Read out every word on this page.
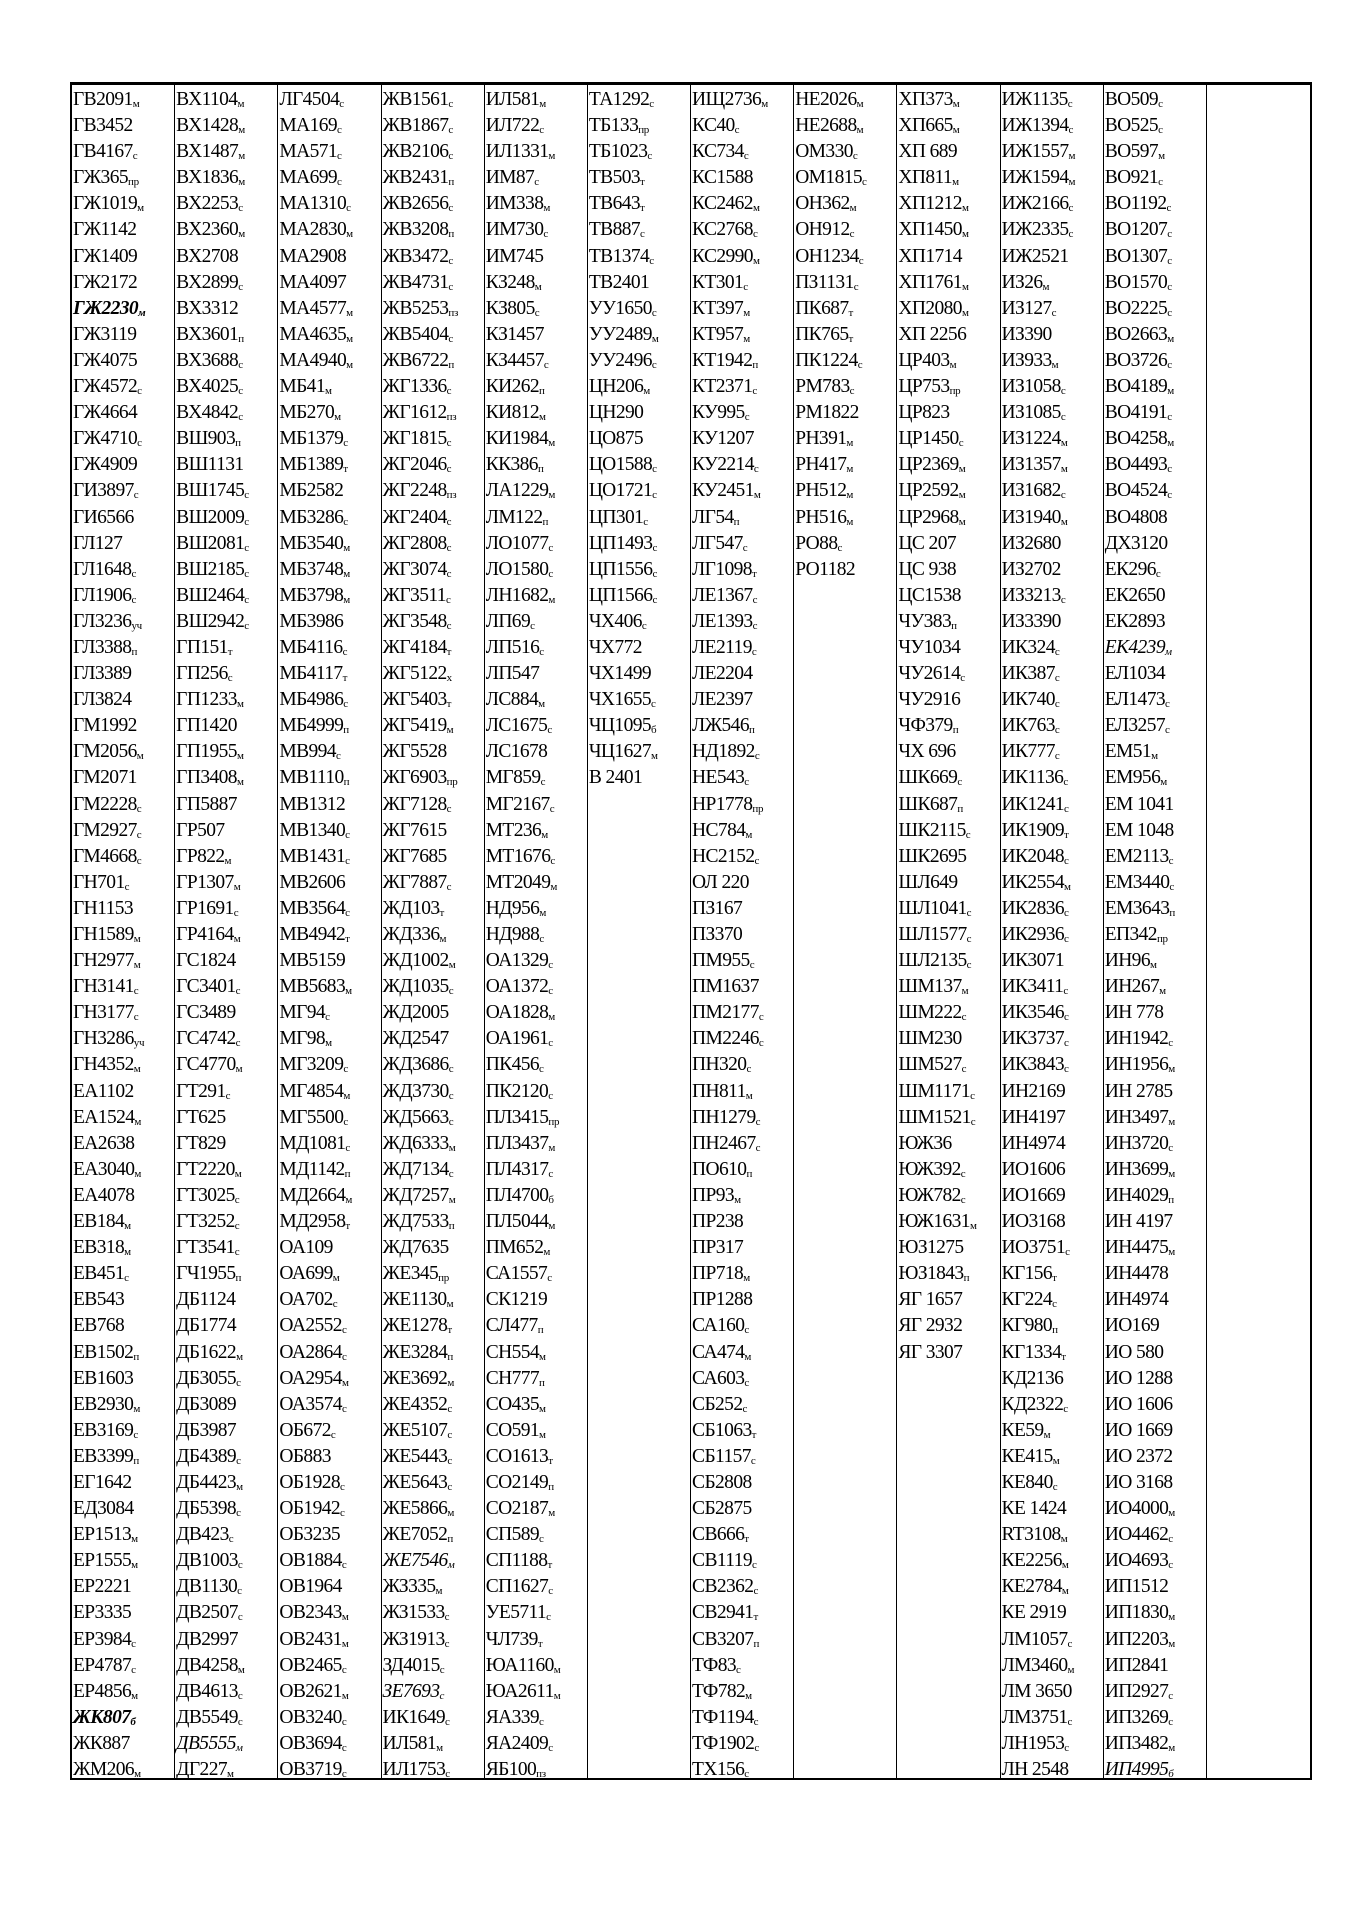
$ГВ2091_м$
ГВ3452
$ГВ4167_с$
$ГЖ365_{пр}$
$ГЖ1019_м$
ГЖ1142
ГЖ1409
ГЖ2172
$ГЖ2230_м$
ГЖ3119
ГЖ4075
$ГЖ4572_с$
ГЖ4664
$ГЖ4710_с$
ГЖ4909
$ГИ3897_с$
ГИ6566
ГЛ127
$ГЛ1648_с$
$ГЛ1906_с$
$ГЛ3236_{уч}$
$ГЛ3388_п$
ГЛ3389
ГЛ3824
ГМ1992
$ГМ2056_м$
ГМ2071
$ГМ2228_с$
$ГМ2927_с$
$ГМ4668_с$
$ГН701_с$
ГН1153
$ГН1589_м$
$ГН2977_м$
$ГН3141_с$
$ГН3177_с$
$ГН3286_{уч}$
$ГН4352_м$
ЕА1102
$ЕА1524_м$
ЕА2638
$ЕА3040_м$
ЕА4078
$ЕВ184_м$
$ЕВ318_м$
$ЕВ451_с$
ЕВ543
ЕВ768
$ЕВ1502_п$
ЕВ1603
$ЕВ2930_м$
$ЕВ3169_с$
$ЕВ3399_п$
ЕГ1642
ЕД3084
$ЕР1513_м$
$ЕР1555_м$
ЕР2221
ЕР3335
$ЕР3984_с$
$ЕР4787_с$
$ЕР4856_м$
$ЖК807_б$
ЖК887
$ЖМ206_м$
$ВХ1104_м$
$ВХ1428_м$
$ВХ1487_м$
$ВХ1836_м$
$ВХ2253_с$
$ВХ2360_м$
ВХ2708
$ВХ2899_с$
ВХ3312
$ВХ3601_п$
$ВХ3688_с$
$ВХ4025_с$
$ВХ4842_с$
$ВШ903_п$
ВШ1131
$ВШ1745_с$
$ВШ2009_с$
$ВШ2081_с$
$ВШ2185_с$
$ВШ2464_с$
$ВШ2942_с$
$ГП151_т$
$ГП256_с$
$ГП1233_м$
ГП1420
$ГП1955_м$
$ГП3408_м$
ГП5887
ГР507
$ГР822_м$
$ГР1307_м$
$ГР1691_с$
$ГР4164_м$
ГС1824
$ГС3401_с$
ГС3489
$ГС4742_с$
$ГС4770_м$
$ГТ291_с$
ГТ625
ГТ829
$ГТ2220_м$
$ГТ3025_с$
$ГТ3252_с$
$ГТ3541_с$
$ГЧ1955_п$
ДБ1124
ДБ1774
$ДБ1622_м$
$ДБ3055_с$
ДБ3089
ДБ3987
$ДБ4389_с$
$ДБ4423_м$
$ДБ5398_с$
$ДВ423_с$
$ДВ1003_с$
$ДВ1130_с$
$ДВ2507_с$
ДВ2997
$ДВ4258_м$
$ДВ4613_с$
$ДВ5549_с$
$ДВ5555_м$
$ДГ227_м$
$ЛГ4504_с$
$МА169_с$
$МА571_с$
$МА699_с$
$МА1310_с$
$МА2830_м$
МА2908
МА4097
$МА4577_м$
$МА4635_м$
$МА4940_м$
$МБ41_м$
$МБ270_м$
$МБ1379_с$
$МБ1389_т$
МБ2582
$МБ3286_с$
$МБ3540_м$
$МБ3748_м$
$МБ3798_м$
МБ3986
$МБ4116_с$
$МБ4117_т$
$МБ4986_с$
$МБ4999_п$
$МВ994_с$
$МВ1110_п$
МВ1312
$МВ1340_с$
$МВ1431_с$
МВ2606
$МВ3564_с$
$МВ4942_т$
МВ5159
$МВ5683_м$
$МГ94_с$
$МГ98_м$
$МГ3209_с$
$МГ4854_м$
$МГ5500_с$
$МД1081_с$
$МД1142_п$
$МД2664_м$
$МД2958_т$
ОА109
$ОА699_м$
$ОА702_с$
$ОА2552_с$
$ОА2864_с$
$ОА2954_м$
$ОА3574_с$
$ОБ672_с$
ОБ883
$ОБ1928_с$
$ОБ1942_с$
ОБ3235
$ОВ1884_с$
ОВ1964
$ОВ2343_м$
$ОВ2431_м$
$ОВ2465_с$
$ОВ2621_м$
$ОВ3240_с$
$ОВ3694_с$
$ОВ3719_с$
$ЖВ1561_с$
$ЖВ1867_с$
$ЖВ2106_с$
$ЖВ2431_п$
$ЖВ2656_с$
$ЖВ3208_п$
$ЖВ3472_с$
$ЖВ4731_с$
$ЖВ5253_{пз}$
$ЖВ5404_с$
$ЖВ6722_п$
$ЖГ1336_с$
$ЖГ1612_{пз}$
$ЖГ1815_с$
$ЖГ2046_с$
$ЖГ2248_{пз}$
$ЖГ2404_с$
$ЖГ2808_с$
$ЖГ3074_с$
$ЖГ3511_с$
$ЖГ3548_с$
$ЖГ4184_т$
$ЖГ5122_х$
$ЖГ5403_т$
$ЖГ5419_м$
ЖГ5528
$ЖГ6903_{пр}$
$ЖГ7128_с$
ЖГ7615
ЖГ7685
$ЖГ7887_с$
$ЖД103_т$
$ЖД336_м$
$ЖД1002_м$
$ЖД1035_с$
ЖД2005
ЖД2547
$ЖД3686_с$
$ЖД3730_с$
$ЖД5663_с$
$ЖД6333_м$
$ЖД7134_с$
$ЖД7257_м$
$ЖД7533_п$
ЖД7635
$ЖЕ345_{пр}$
$ЖЕ1130_м$
$ЖЕ1278_т$
$ЖЕ3284_п$
$ЖЕ3692_м$
$ЖЕ4352_с$
$ЖЕ5107_с$
$ЖЕ5443_с$
$ЖЕ5643_с$
$ЖЕ5866_м$
$ЖЕ7052_п$
$ЖЕ7546_м$
$ЖЗ335_м$
$ЖЗ1533_с$
$ЖЗ1913_с$
$ЗД4015_с$
$ЗЕ7693_с$
$ИК1649_с$
$ИЛ581_м$
$ИЛ1753_с$
$ИЛ581_м$
$ИЛ722_с$
$ИЛ1331_м$
$ИМ87_с$
$ИМ338_м$
$ИМ730_с$
ИМ745
$КЗ248_м$
$КЗ805_с$
КЗ1457
$КЗ4457_с$
$КИ262_п$
$КИ812_м$
$КИ1984_м$
$КК386_п$
$ЛА1229_м$
$ЛМ122_п$
$ЛО1077_с$
$ЛО1580_с$
$ЛН1682_м$
$ЛП69_с$
$ЛП516_с$
ЛП547
$ЛС884_м$
$ЛС1675_с$
ЛС1678
$МГ859_с$
$МГ2167_с$
$МТ236_м$
$МТ1676_с$
$МТ2049_м$
$НД956_м$
$НД988_с$
$ОА1329_с$
$ОА1372_с$
$ОА1828_м$
$ОА1961_с$
$ПК456_с$
$ПК2120_с$
$ПЛ3415_{пр}$
$ПЛ3437_м$
$ПЛ4317_с$
$ПЛ4700_б$
$ПЛ5044_м$
$ПМ652_м$
$СА1557_с$
СК1219
$СЛ477_п$
$СН554_м$
$СН777_п$
$СО435_м$
$СО591_м$
$СО1613_т$
$СО2149_п$
$СО2187_м$
$СП589_с$
$СП1188_т$
$СП1627_с$
$УЕ5711_с$
$ЧЛ739_т$
$ЮА1160_м$
$ЮА2611_м$
$ЯА339_с$
$ЯА2409_с$
$ЯБ100_{пз}$
$ТА1292_с$
$ТБ133_{пр}$
$ТБ1023_с$
$ТВ503_т$
$ТВ643_т$
$ТВ887_с$
$ТВ1374_с$
ТВ2401
$УУ1650_с$
$УУ2489_м$
$УУ2496_с$
$ЦН206_м$
ЦН290
ЦО875
$ЦО1588_с$
$ЦО1721_с$
$ЦП301_с$
$ЦП1493_с$
$ЦП1556_с$
$ЦП1566_с$
$ЧХ406_с$
ЧХ772
ЧХ1499
$ЧХ1655_с$
$ЧЦ1095_б$
$ЧЦ1627_м$
В 2401
$ИЩ2736_м$
$КС40_с$
$КС734_с$
КС1588
$КС2462_м$
$КС2768_с$
$КС2990_м$
$КТ301_с$
$КТ397_м$
$КТ957_м$
$КТ1942_п$
$КТ2371_с$
$КУ995_с$
КУ1207
$КУ2214_с$
$КУ2451_м$
$ЛГ54_п$
$ЛГ547_с$
$ЛГ1098_т$
$ЛЕ1367_с$
$ЛЕ1393_с$
$ЛЕ2119_с$
ЛЕ2204
ЛЕ2397
$ЛЖ546_п$
$НД1892_с$
$НЕ543_с$
$НР1778_{пр}$
$НС784_м$
$НС2152_с$
ОЛ 220
ПЗ167
ПЗ370
$ПМ955_с$
ПМ1637
$ПМ2177_с$
$ПМ2246_с$
$ПН320_с$
$ПН811_м$
$ПН1279_с$
$ПН2467_с$
$ПО610_п$
$ПР93_м$
ПР238
ПР317
$ПР718_м$
ПР1288
$СА160_с$
$СА474_м$
$СА603_с$
$СБ252_с$
$СБ1063_т$
$СБ1157_с$
СБ2808
СБ2875
$СВ666_т$
$СВ1119_с$
$СВ2362_с$
$СВ2941_т$
$СВ3207_п$
$ТФ83_с$
$ТФ782_м$
$ТФ1194_с$
$ТФ1902_с$
$ТХ156_с$
$НЕ2026_м$
$НЕ2688_м$
$ОМ330_с$
$ОМ1815_с$
$ОН362_м$
$ОН912_с$
$ОН1234_с$
$ПЗ1131_с$
$ПК687_т$
$ПК765_т$
$ПК1224_с$
$РМ783_с$
РМ1822
$РН391_м$
$РН417_м$
$РН512_м$
$РН516_м$
$РО88_с$
РО1182
$ХП373_м$
$ХП665_м$
ХП 689
$ХП811_м$
$ХП1212_м$
$ХП1450_м$
ХП1714
$ХП1761_м$
$ХП2080_м$
ХП 2256
$ЦР403_м$
$ЦР753_{пр}$
ЦР823
$ЦР1450_с$
$ЦР2369_м$
$ЦР2592_м$
$ЦР2968_м$
ЦС 207
ЦС 938
ЦС1538
$ЧУ383_п$
ЧУ1034
$ЧУ2614_с$
ЧУ2916
$ЧФ379_п$
ЧХ 696
$ШК669_с$
$ШК687_п$
$ШК2115_с$
ШК2695
ШЛ649
$ШЛ1041_с$
$ШЛ1577_с$
$ШЛ2135_с$
$ШМ137_м$
$ШМ222_с$
ШМ230
$ШМ527_с$
$ШМ1171_с$
$ШМ1521_с$
ЮЖ36
$ЮЖ392_с$
$ЮЖ782_с$
$ЮЖ1631_м$
ЮЗ1275
$ЮЗ1843_п$
ЯГ 1657
ЯГ 2932
ЯГ 3307
$ИЖ1135_с$
$ИЖ1394_с$
$ИЖ1557_м$
$ИЖ1594_м$
$ИЖ2166_с$
$ИЖ2335_с$
ИЖ2521
$ИЗ26_м$
$ИЗ127_с$
ИЗ390
$ИЗ933_м$
$ИЗ1058_с$
$ИЗ1085_с$
$ИЗ1224_м$
$ИЗ1357_м$
$ИЗ1682_с$
$ИЗ1940_м$
ИЗ2680
ИЗ2702
$ИЗ3213_с$
ИЗ3390
$ИК324_с$
$ИК387_с$
$ИК740_с$
$ИК763_с$
$ИК777_с$
$ИК1136_с$
$ИК1241_с$
$ИК1909_т$
$ИК2048_с$
$ИК2554_м$
$ИК2836_с$
$ИК2936_с$
ИК3071
$ИК3411_с$
$ИК3546_с$
$ИК3737_с$
$ИК3843_с$
ИН2169
ИН4197
ИН4974
ИО1606
ИО1669
ИО3168
$ИО3751_с$
$КГ156_т$
$КГ224_с$
$КГ980_п$
$КГ1334_т$
КД2136
$КД2322_с$
$КЕ59_м$
$КЕ415_м$
$КЕ840_с$
КЕ 1424
$RT3108_м$
$КЕ2256_м$
$КЕ2784_м$
КЕ 2919
$ЛМ1057_с$
$ЛМ3460_м$
ЛМ 3650
$ЛМ3751_с$
$ЛН1953_с$
ЛН 2548
$ВО509_с$
$ВО525_с$
$ВО597_м$
$ВО921_с$
$ВО1192_с$
$ВО1207_с$
$ВО1307_с$
$ВО1570_с$
$ВО2225_с$
$ВО2663_м$
$ВО3726_с$
$ВО4189_м$
$ВО4191_с$
$ВО4258_м$
$ВО4493_с$
$ВО4524_с$
ВО4808
ДХ3120
$ЕК296_с$
ЕК2650
ЕК2893
$ЕК4239_м$
ЕЛ1034
$ЕЛ1473_с$
$ЕЛ3257_с$
$ЕМ51_м$
$ЕМ956_м$
ЕМ 1041
ЕМ 1048
$ЕМ2113_с$
$ЕМ3440_с$
$ЕМ3643_п$
$ЕП342_{пр}$
$ИН96_м$
$ИН267_м$
ИН 778
$ИН1942_с$
$ИН1956_м$
ИН 2785
$ИН3497_м$
$ИН3720_с$
$ИН3699_м$
$ИН4029_п$
ИН 4197
$ИН4475_м$
ИН4478
ИН4974
ИО169
ИО 580
ИО 1288
ИО 1606
ИО 1669
ИО 2372
ИО 3168
$ИО4000_м$
$ИО4462_с$
$ИО4693_с$
ИП1512
$ИП1830_м$
$ИП2203_м$
ИП2841
$ИП2927_с$
$ИП3269_с$
$ИП3482_м$
$ИП4995_б$
